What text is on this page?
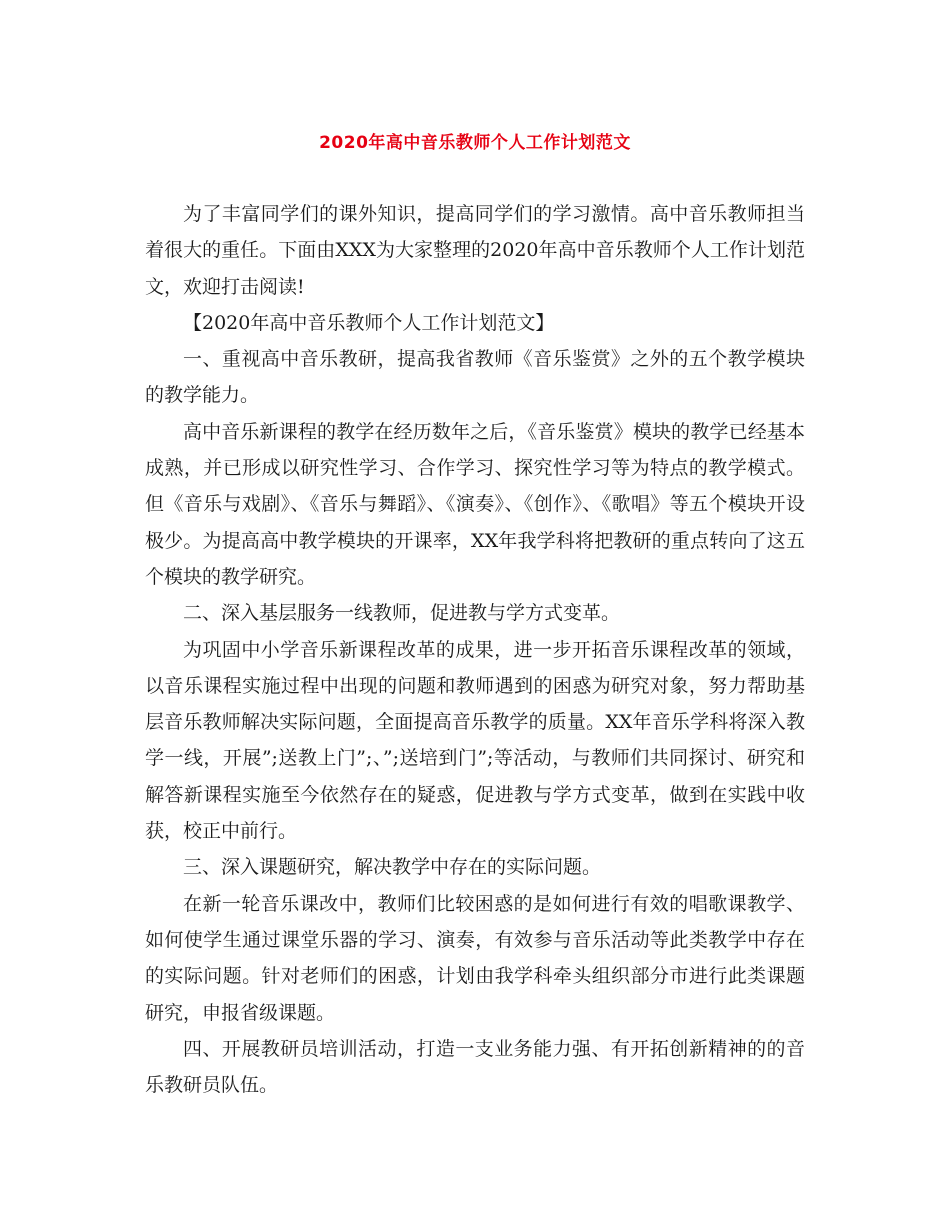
2020年高中音乐教师个人工作计划范文

为了丰富同学们的课外知识，提高同学们的学习激情。高中音乐教师担当着很大的重任。下面由XXX为大家整理的2020年高中音乐教师个人工作计划范文，欢迎打击阅读!

【2020年高中音乐教师个人工作计划范文】

一、重视高中音乐教研，提高我省教师《音乐鉴赏》之外的五个教学模块的教学能力。

高中音乐新课程的教学在经历数年之后，《音乐鉴赏》模块的教学已经基本成熟，并已形成以研究性学习、合作学习、探究性学习等为特点的教学模式。但《音乐与戏剧》、《音乐与舞蹈》、《演奏》、《创作》、《歌唱》等五个模块开设极少。为提高高中教学模块的开课率，XX年我学科将把教研的重点转向了这五个模块的教学研究。

二、深入基层服务一线教师，促进教与学方式变革。

为巩固中小学音乐新课程改革的成果，进一步开拓音乐课程改革的领域，以音乐课程实施过程中出现的问题和教师遇到的困惑为研究对象，努力帮助基层音乐教师解决实际问题，全面提高音乐教学的质量。XX年音乐学科将深入教学一线，开展”;送教上门”;、”;送培到门”;等活动，与教师们共同探讨、研究和解答新课程实施至今依然存在的疑惑，促进教与学方式变革，做到在实践中收获，校正中前行。

三、深入课题研究，解决教学中存在的实际问题。

在新一轮音乐课改中，教师们比较困惑的是如何进行有效的唱歌课教学、如何使学生通过课堂乐器的学习、演奏，有效参与音乐活动等此类教学中存在的实际问题。针对老师们的困惑，计划由我学科牵头组织部分市进行此类课题研究，申报省级课题。

四、开展教研员培训活动，打造一支业务能力强、有开拓创新精神的的音乐教研员队伍。
